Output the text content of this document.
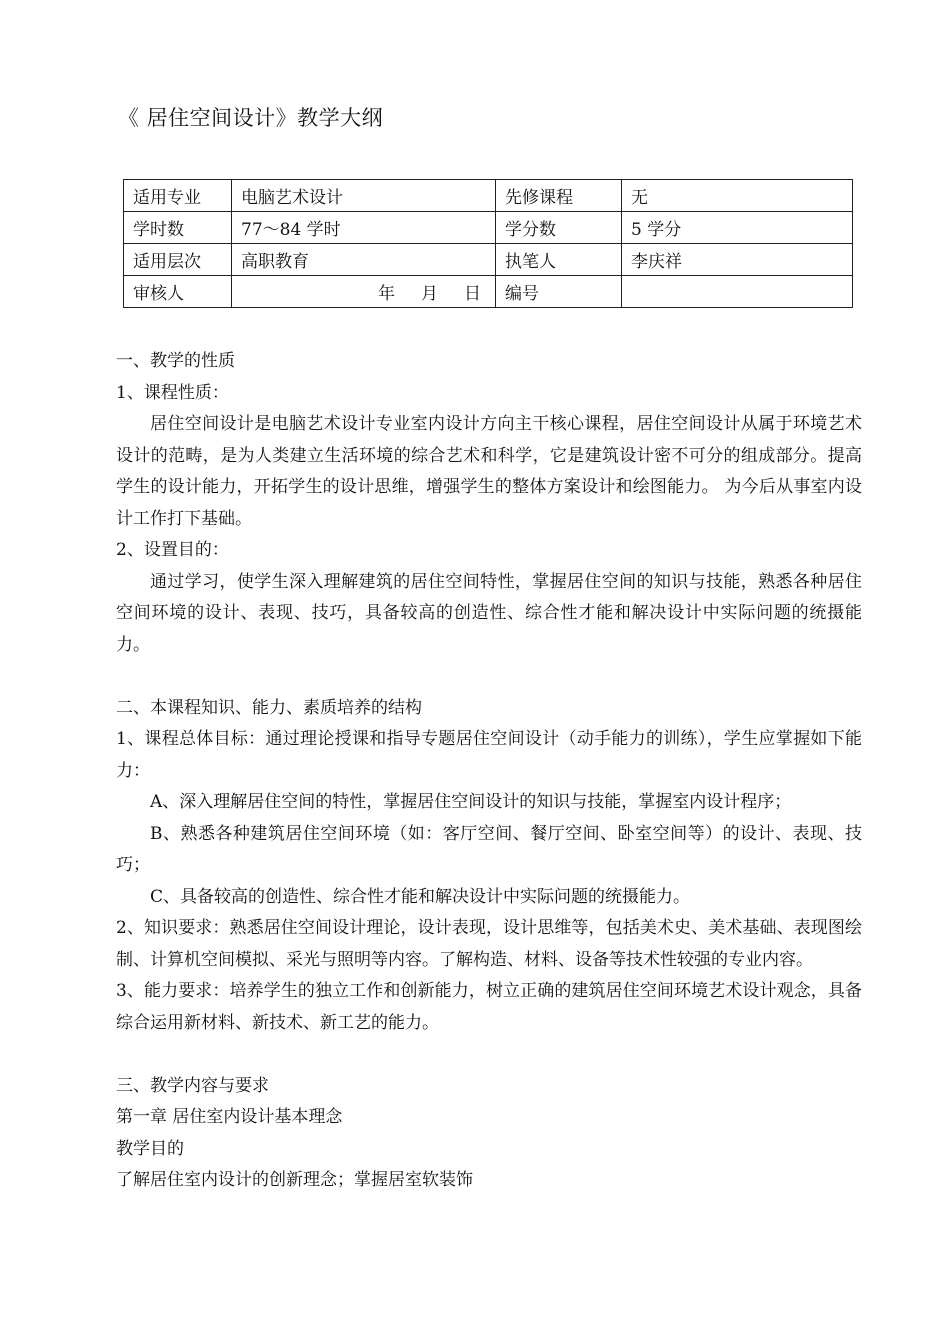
《 居住空间设计》教学大纲
适用专业	电脑艺术设计	先修课程	无
学时数	77～84 学时	学分数	5 学分
适用层次	高职教育	执笔人	李庆祥
审核人	年 月 日	编号	

一、教学的性质

1、课程性质：

居住空间设计是电脑艺术设计专业室内设计方向主干核心课程，居住空间设计从属于环境艺术设计的范畴，是为人类建立生活环境的综合艺术和科学，它是建筑设计密不可分的组成部分。提高学生的设计能力，开拓学生的设计思维，增强学生的整体方案设计和绘图能力。 为今后从事室内设计工作打下基础。

2、设置目的：

通过学习，使学生深入理解建筑的居住空间特性，掌握居住空间的知识与技能，熟悉各种居住空间环境的设计、表现、技巧，具备较高的创造性、综合性才能和解决设计中实际问题的统摄能力。

二、本课程知识、能力、素质培养的结构

1、课程总体目标：通过理论授课和指导专题居住空间设计（动手能力的训练），学生应掌握如下能力：

A、深入理解居住空间的特性，掌握居住空间设计的知识与技能，掌握室内设计程序；

B、熟悉各种建筑居住空间环境（如：客厅空间、餐厅空间、卧室空间等）的设计、表现、技巧；

C、具备较高的创造性、综合性才能和解决设计中实际问题的统摄能力。

2、知识要求：熟悉居住空间设计理论，设计表现，设计思维等，包括美术史、美术基础、表现图绘制、计算机空间模拟、采光与照明等内容。了解构造、材料、设备等技术性较强的专业内容。

3、能力要求：培养学生的独立工作和创新能力，树立正确的建筑居住空间环境艺术设计观念，具备综合运用新材料、新技术、新工艺的能力。

三、教学内容与要求

第一章 居住室内设计基本理念

教学目的

了解居住室内设计的创新理念；掌握居室软装饰
